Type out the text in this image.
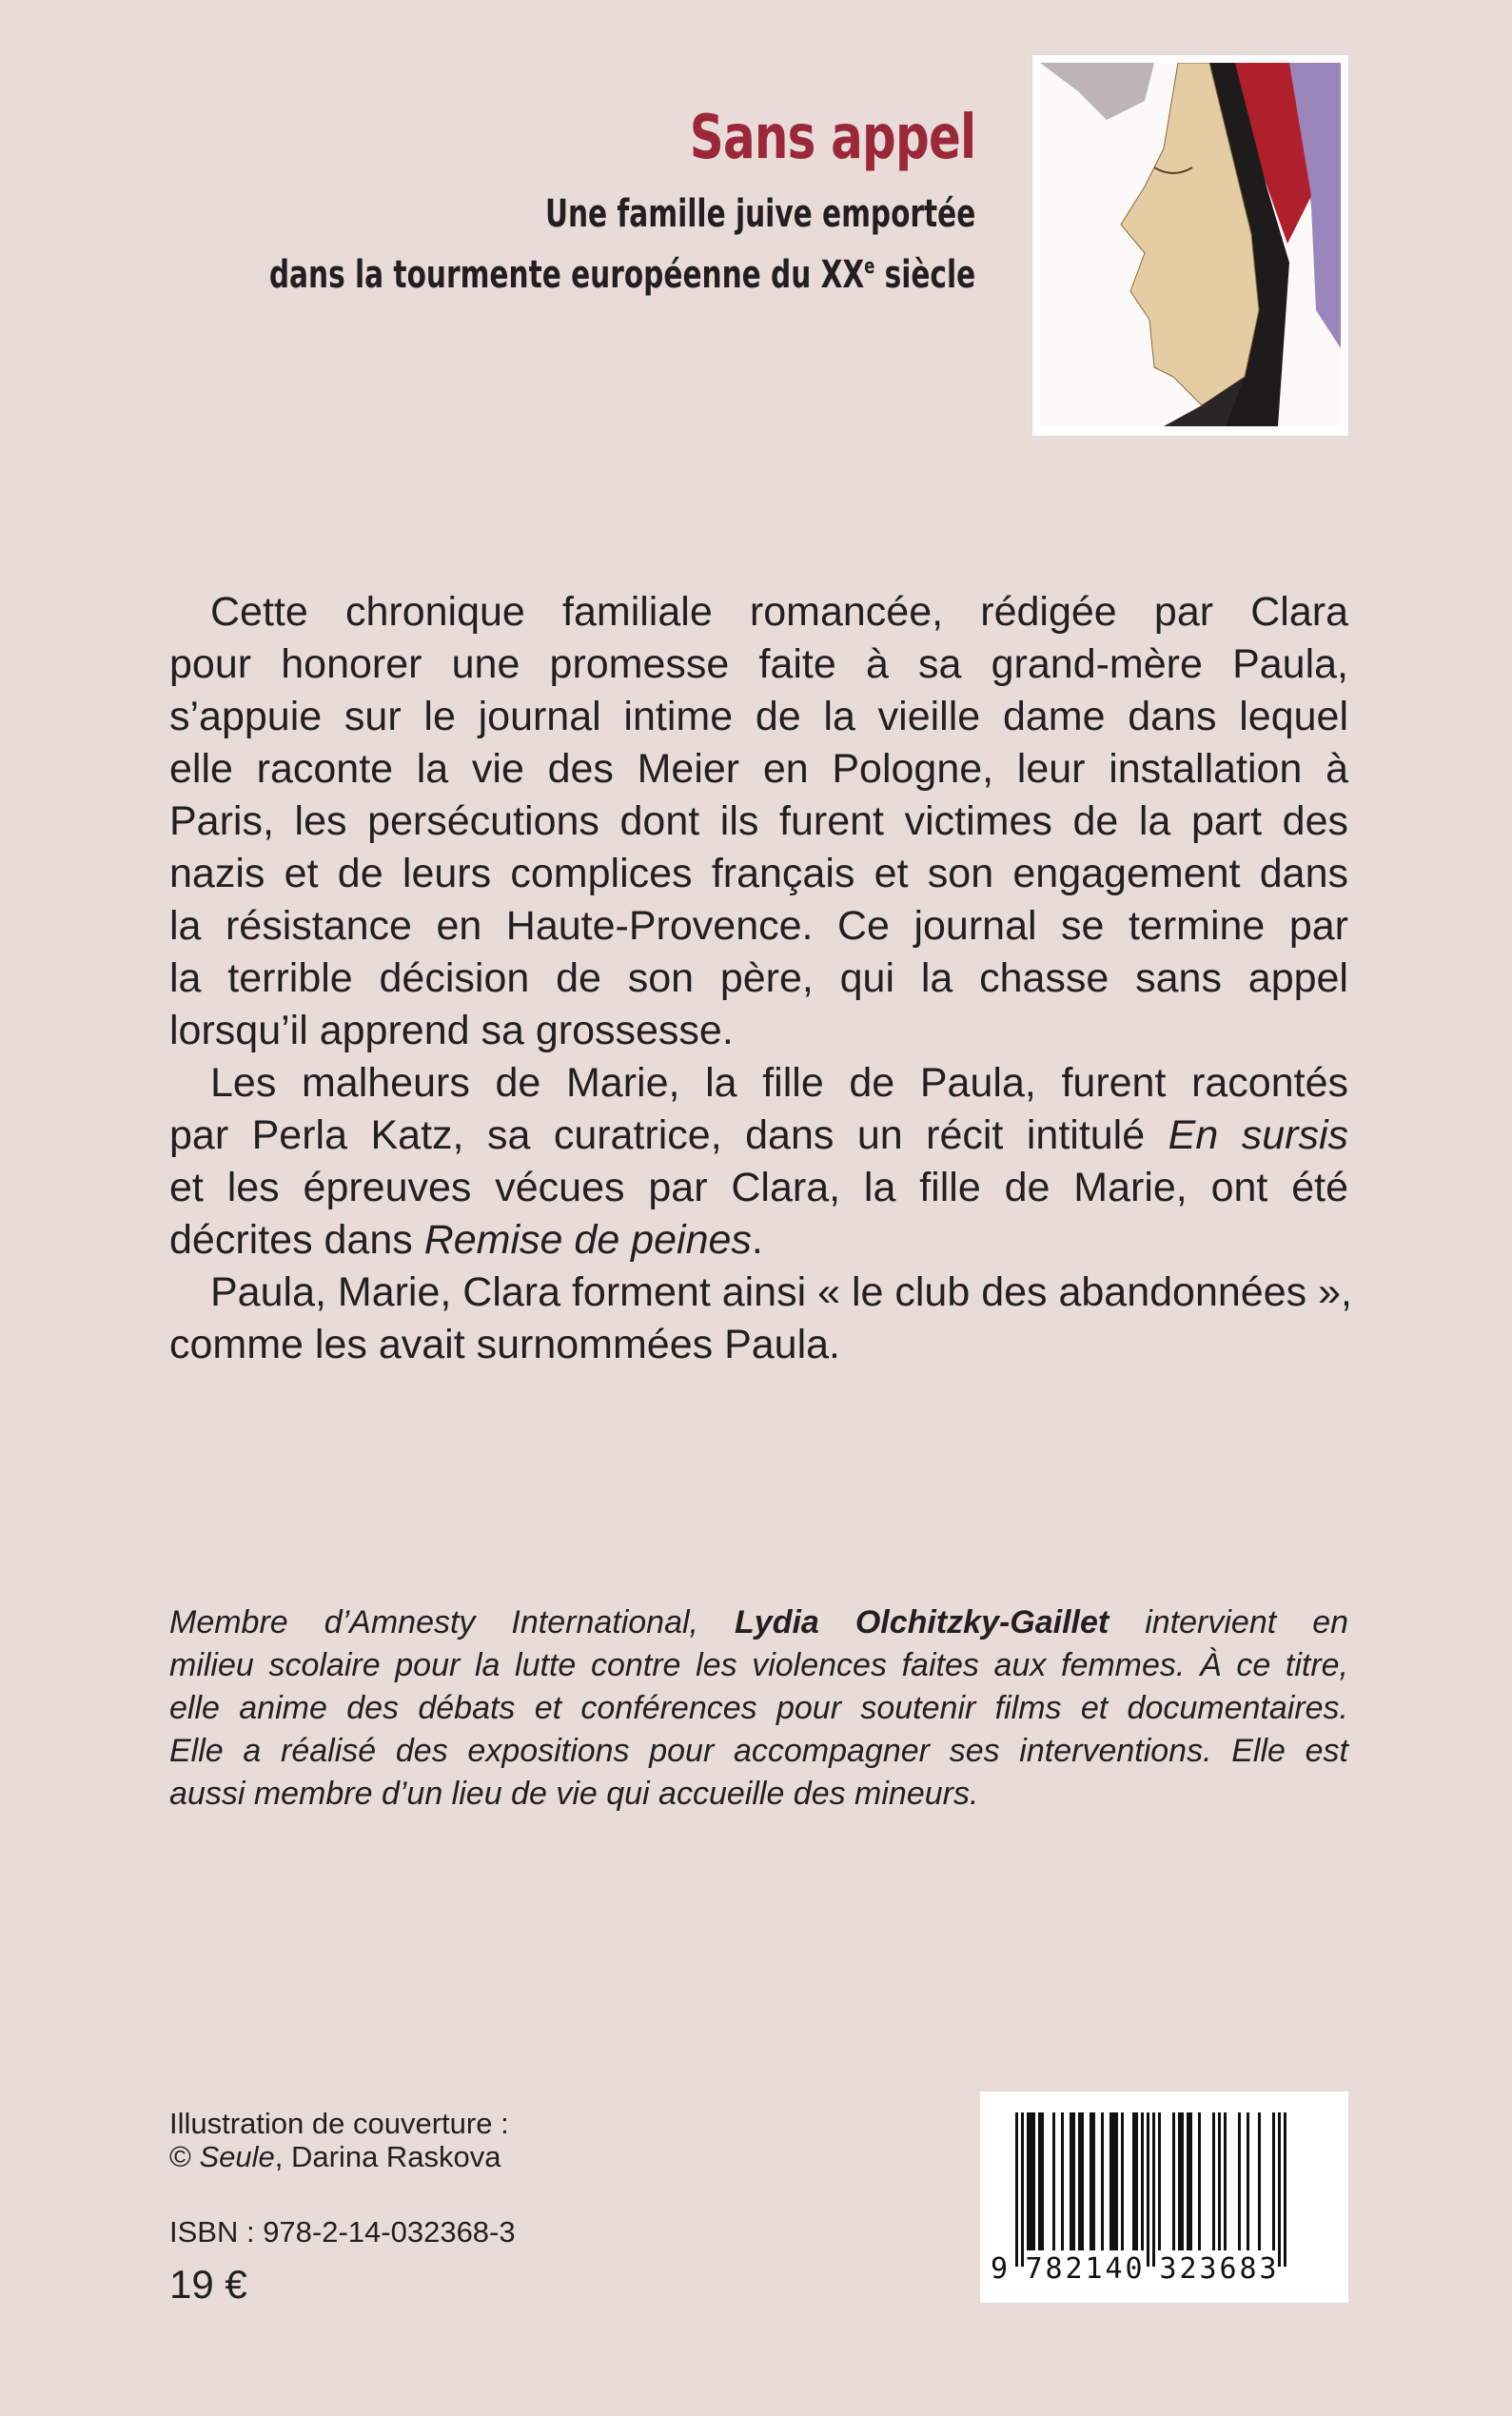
Sans appel
Une famille juive emportée
dans la tourmente européenne du XXe siècle
 Cette chronique familiale romancée, rédigée par Clara
pour honorer une promesse faite à sa grand-mère Paula,
s’appuie sur le journal intime de la vieille dame dans lequel
elle raconte la vie des Meier en Pologne, leur installation à
Paris, les persécutions dont ils furent victimes de la part des
nazis et de leurs complices français et son engagement dans
la résistance en Haute-Provence. Ce journal se termine par
la terrible décision de son père, qui la chasse sans appel
lorsqu’il apprend sa grossesse.
 Les malheurs de Marie, la fille de Paula, furent racontés
par Perla Katz, sa curatrice, dans un récit intitulé En sursis
et les épreuves vécues par Clara, la fille de Marie, ont été
décrites dans Remise de peines.
 Paula, Marie, Clara forment ainsi « le club des abandonnées »,
comme les avait surnommées Paula.
Membre d’Amnesty International, Lydia Olchitzky-Gaillet intervient en
milieu scolaire pour la lutte contre les violences faites aux femmes. À ce titre,
elle anime des débats et conférences pour soutenir films et documentaires.
Elle a réalisé des expositions pour accompagner ses interventions. Elle est
aussi membre d’un lieu de vie qui accueille des mineurs.
Illustration de couverture :
© Seule, Darina Raskova
ISBN : 978-2-14-032368-3
19 €	9 7 8 2 1 4 0 3 2 3 6 8 3
